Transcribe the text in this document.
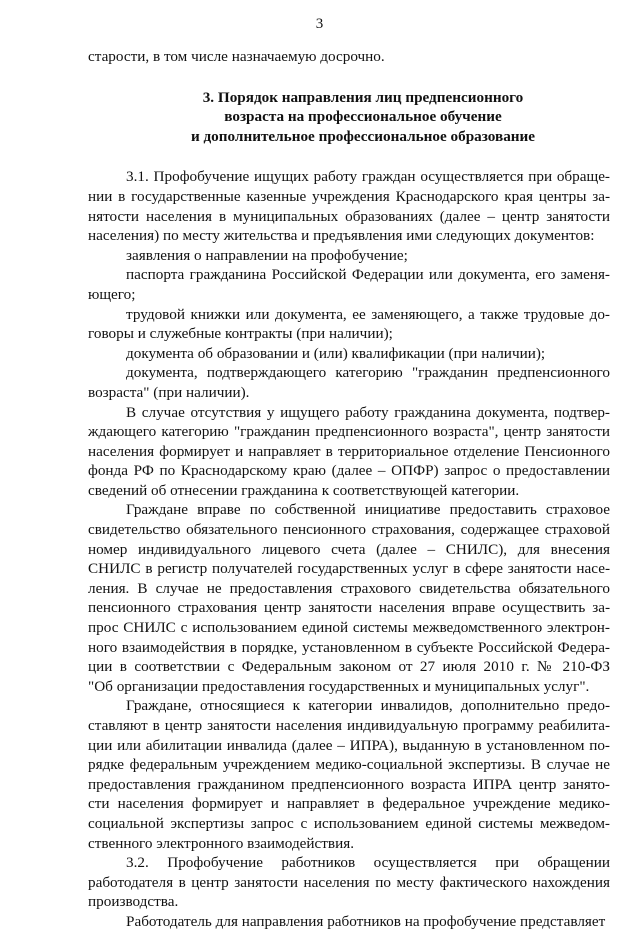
3
старости, в том числе назначаемую досрочно.
3. Порядок направления лиц предпенсионного
возраста на профессиональное обучение
и дополнительное профессиональное образование
3.1. Профобучение ищущих работу граждан осуществляется при обраще-
нии в государственные казенные учреждения Краснодарского края центры за-
нятости населения в муниципальных образованиях (далее – центр занятости
населения) по месту жительства и предъявления ими следующих документов:
заявления о направлении на профобучение;
паспорта гражданина Российской Федерации или документа, его заменя-
ющего;
трудовой книжки или документа, ее заменяющего, а также трудовые до-
говоры и служебные контракты (при наличии);
документа об образовании и (или) квалификации (при наличии);
документа, подтверждающего категорию "гражданин предпенсионного
возраста" (при наличии).
В случае отсутствия у ищущего работу гражданина документа, подтвер-
ждающего категорию "гражданин предпенсионного возраста", центр занятости
населения формирует и направляет в территориальное отделение Пенсионного
фонда РФ по Краснодарскому краю (далее – ОПФР) запрос о предоставлении
сведений об отнесении гражданина к соответствующей категории.
Граждане вправе по собственной инициативе предоставить страховое
свидетельство обязательного пенсионного страхования, содержащее страховой
номер индивидуального лицевого счета (далее – СНИЛС), для внесения
СНИЛС в регистр получателей государственных услуг в сфере занятости насе-
ления. В случае не предоставления страхового свидетельства обязательного
пенсионного страхования центр занятости населения вправе осуществить за-
прос СНИЛС с использованием единой системы межведомственного электрон-
ного взаимодействия в порядке, установленном в субъекте Российской Федера-
ции в соответствии с Федеральным законом от 27 июля 2010 г. № 210-ФЗ
"Об организации предоставления государственных и муниципальных услуг".
Граждане, относящиеся к категории инвалидов, дополнительно предо-
ставляют в центр занятости населения индивидуальную программу реабилита-
ции или абилитации инвалида (далее – ИПРА), выданную в установленном по-
рядке федеральным учреждением медико-социальной экспертизы. В случае не
предоставления гражданином предпенсионного возраста ИПРА центр занято-
сти населения формирует и направляет в федеральное учреждение медико-
социальной экспертизы запрос с использованием единой системы межведом-
ственного электронного взаимодействия.
3.2. Профобучение работников осуществляется при обращении
работодателя в центр занятости населения по месту фактического нахождения
производства.
Работодатель для направления работников на профобучение представляет
